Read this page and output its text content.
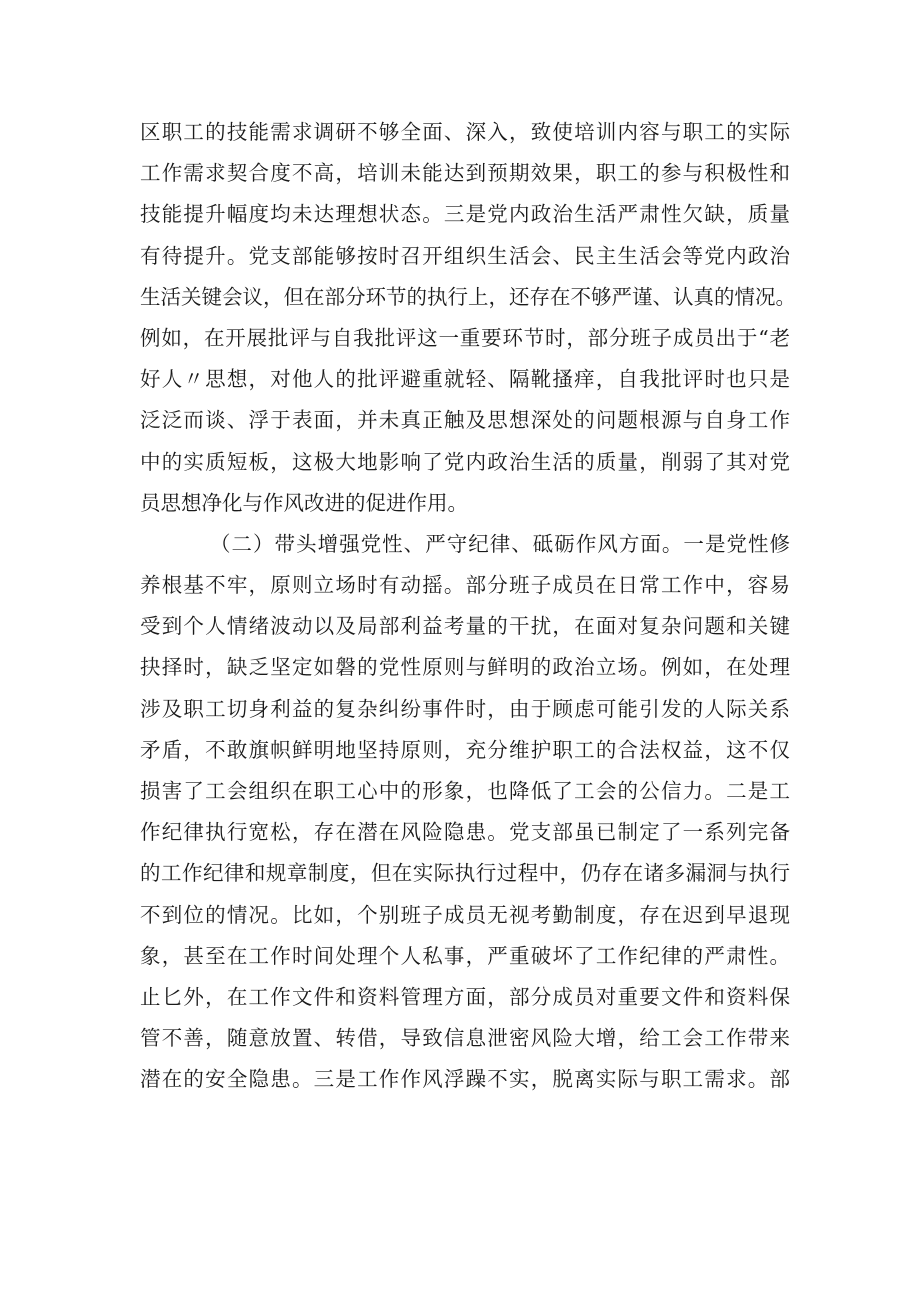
区职工的技能需求调研不够全面、深入，致使培训内容与职工的实际
工作需求契合度不高，培训未能达到预期效果，职工的参与积极性和
技能提升幅度均未达理想状态。三是党内政治生活严肃性欠缺，质量
有待提升。党支部能够按时召开组织生活会、民主生活会等党内政治
生活关键会议，但在部分环节的执行上，还存在不够严谨、认真的情况。
例如，在开展批评与自我批评这一重要环节时，部分班子成员出于“老
好人〃思想，对他人的批评避重就轻、隔靴搔痒，自我批评时也只是
泛泛而谈、浮于表面，并未真正触及思想深处的问题根源与自身工作
中的实质短板，这极大地影响了党内政治生活的质量，削弱了其对党
员思想净化与作风改进的促进作用。
（二）带头增强党性、严守纪律、砥砺作风方面。一是党性修
养根基不牢，原则立场时有动摇。部分班子成员在日常工作中，容易
受到个人情绪波动以及局部利益考量的干扰，在面对复杂问题和关键
抉择时，缺乏坚定如磐的党性原则与鲜明的政治立场。例如，在处理
涉及职工切身利益的复杂纠纷事件时，由于顾虑可能引发的人际关系
矛盾，不敢旗帜鲜明地坚持原则，充分维护职工的合法权益，这不仅
损害了工会组织在职工心中的形象，也降低了工会的公信力。二是工
作纪律执行宽松，存在潜在风险隐患。党支部虽已制定了一系列完备
的工作纪律和规章制度，但在实际执行过程中，仍存在诸多漏洞与执行
不到位的情况。比如，个别班子成员无视考勤制度，存在迟到早退现
象，甚至在工作时间处理个人私事，严重破坏了工作纪律的严肃性。
止匕外，在工作文件和资料管理方面，部分成员对重要文件和资料保
管不善，随意放置、转借，导致信息泄密风险大增，给工会工作带来
潜在的安全隐患。三是工作作风浮躁不实，脱离实际与职工需求。部
